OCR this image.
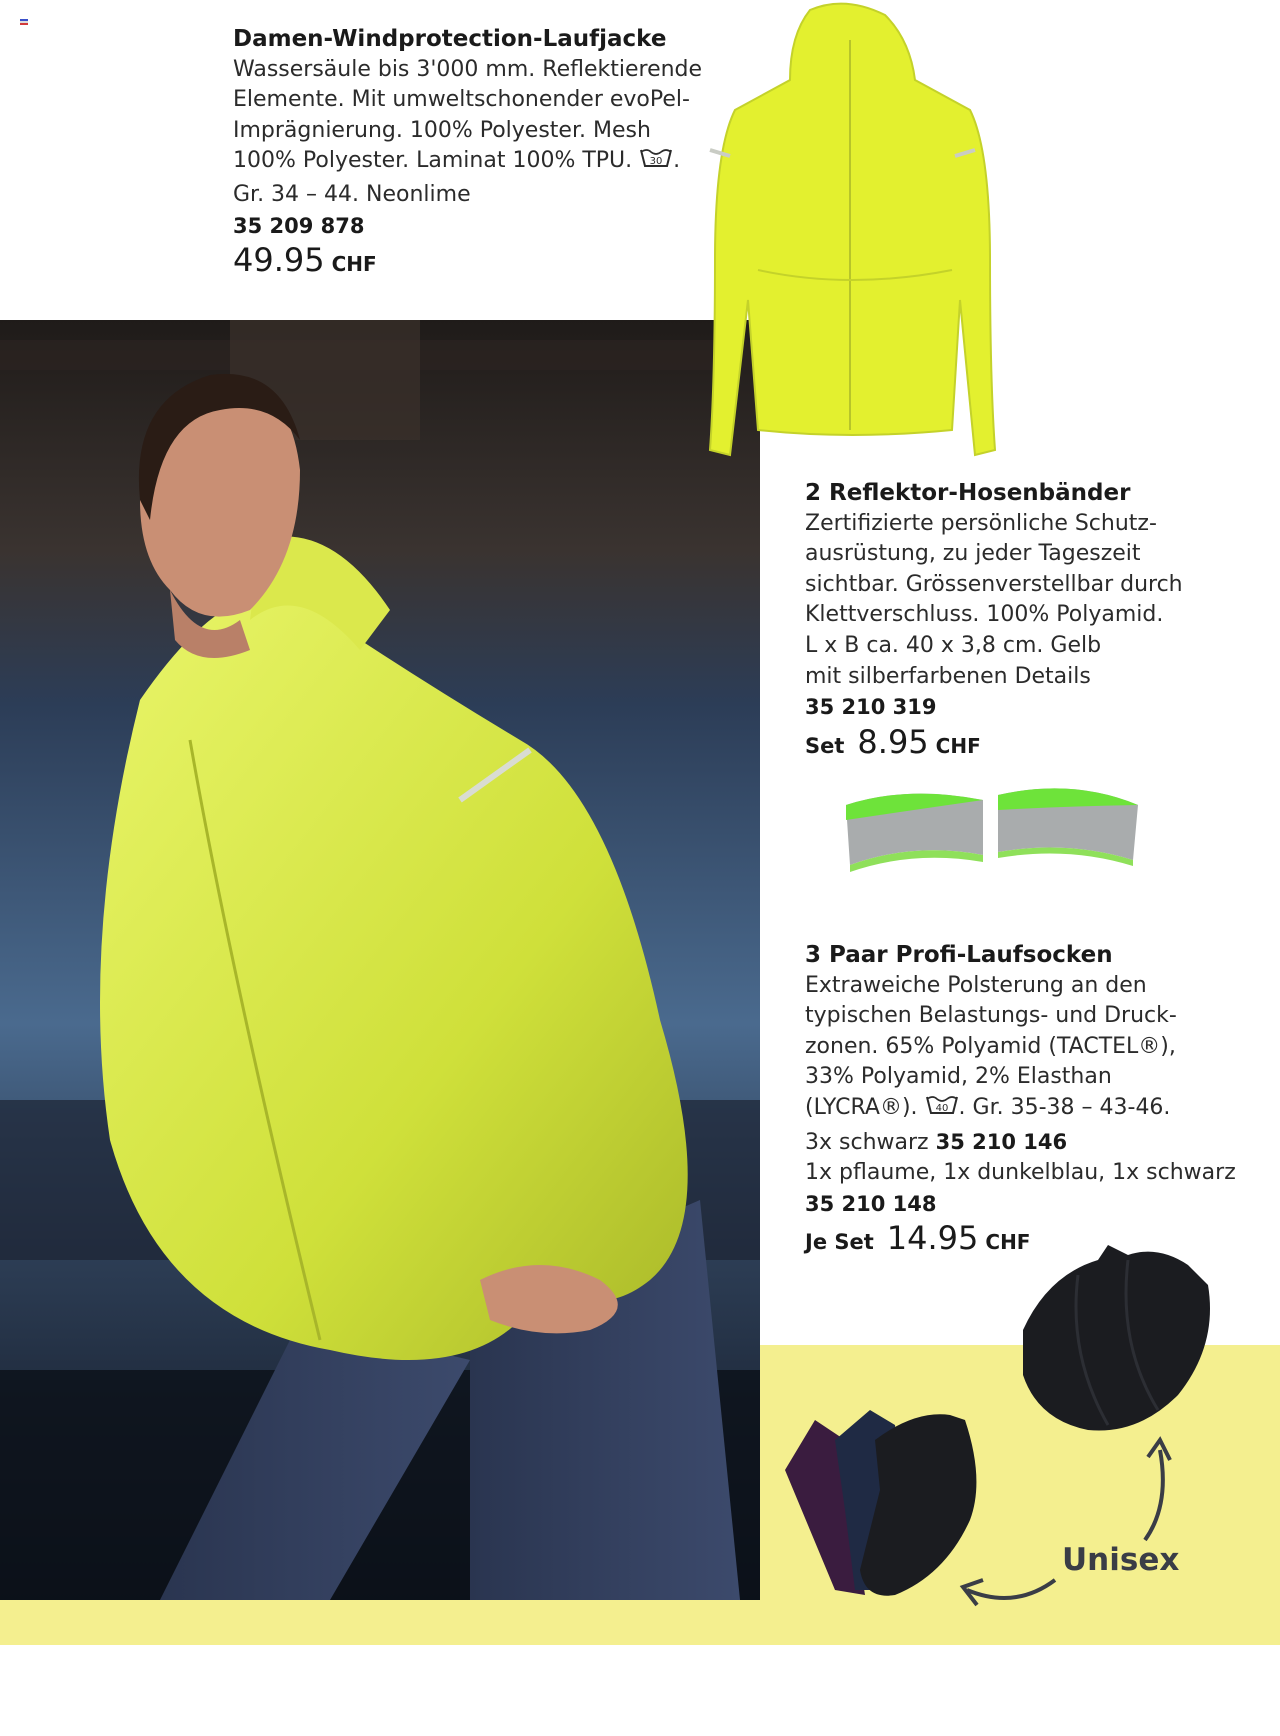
Damen-Windprotection-Laufjacke
Wassersäule bis 3'000 mm. Reflektierende
Elemente. Mit umweltschonender evoPel-
Imprägnierung. 100% Polyester. Mesh
100% Polyester. Laminat 100% TPU. 30 .
Gr. 34 – 44. Neonlime
35 209 878
49.95 CHF
2 Reflektor-Hosenbänder
Zertifizierte persönliche Schutz-
ausrüstung, zu jeder Tageszeit
sichtbar. Grössenverstellbar durch
Klettverschluss. 100% Polyamid.
L x B ca. 40 x 3,8 cm. Gelb
mit silberfarbenen Details
35 210 319
Set 8.95 CHF
3 Paar Profi-Laufsocken
Extraweiche Polsterung an den
typischen Belastungs- und Druck-
zonen. 65% Polyamid (TACTEL®),
33% Polyamid, 2% Elasthan
(LYCRA®). 40 . Gr. 35-38 – 43-46.
3x schwarz 35 210 146
1x pflaume, 1x dunkelblau, 1x schwarz
35 210 148
Je Set 14.95 CHF
Unisex
